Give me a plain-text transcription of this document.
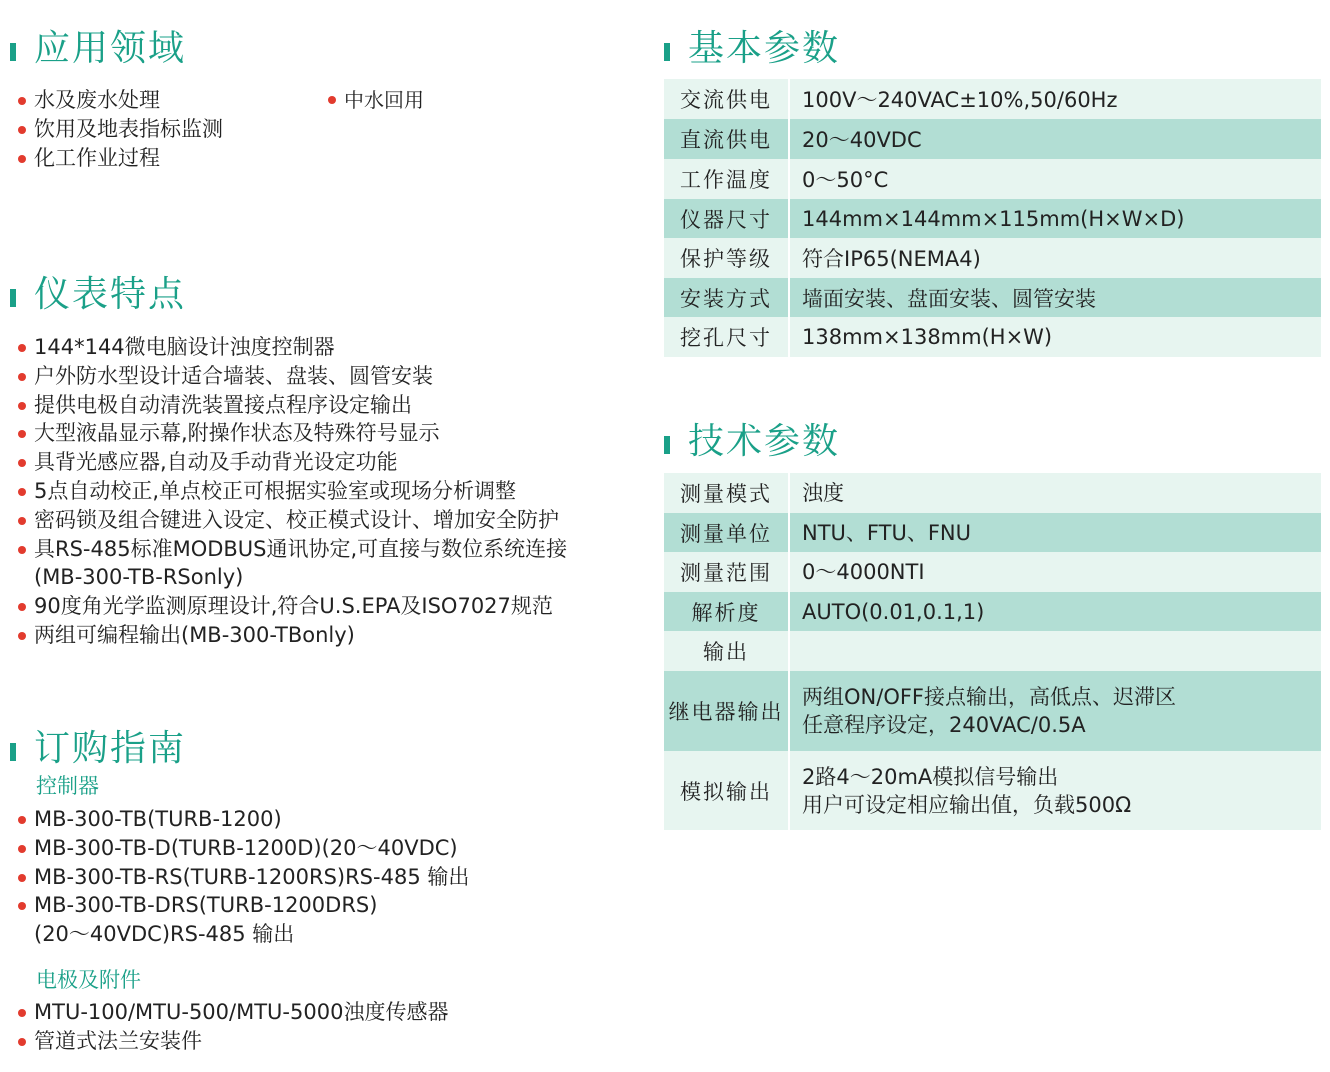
应用领域
水及废水处理
饮用及地表指标监测
化工作业过程
中水回用
仪表特点
144*144微电脑设计浊度控制器
户外防水型设计适合墙装、盘装、圆管安装
提供电极自动清洗装置接点程序设定输出
大型液晶显示幕,附操作状态及特殊符号显示
具背光感应器,自动及手动背光设定功能
5点自动校正,单点校正可根据实验室或现场分析调整
密码锁及组合键进入设定、校正模式设计、增加安全防护
具RS-485标准MODBUS通讯协定,可直接与数位系统连接
(MB-300-TB-RSonly)
90度角光学监测原理设计,符合U.S.EPA及ISO7027规范
两组可编程输出(MB-300-TBonly)
订购指南
控制器
MB-300-TB(TURB-1200)
MB-300-TB-D(TURB-1200D)(20～40VDC)
MB-300-TB-RS(TURB-1200RS)RS-485 输出
MB-300-TB-DRS(TURB-1200DRS)
(20～40VDC)RS-485 输出
电极及附件
MTU-100/MTU-500/MTU-5000浊度传感器
管道式法兰安装件
基本参数
交流供电	100V～240VAC±10%,50/60Hz
直流供电	20～40VDC
工作温度	0～50°C
仪器尺寸	144mm×144mm×115mm(H×W×D)
保护等级	符合IP65(NEMA4)
安装方式	墙面安装、盘面安装、圆管安装
挖孔尺寸	138mm×138mm(H×W)
技术参数
测量模式	浊度

测量单位	NTU、FTU、FNU

测量范围	0～4000NTI

解析度	AUTO(0.01,0.1,1)

输出	

继电器输出	两组ON/OFF接点输出，高低点、迟滞区
任意程序设定，240VAC/0.5A

模拟输出	2路4～20mA模拟信号输出
用户可设定相应输出值，负载500Ω
